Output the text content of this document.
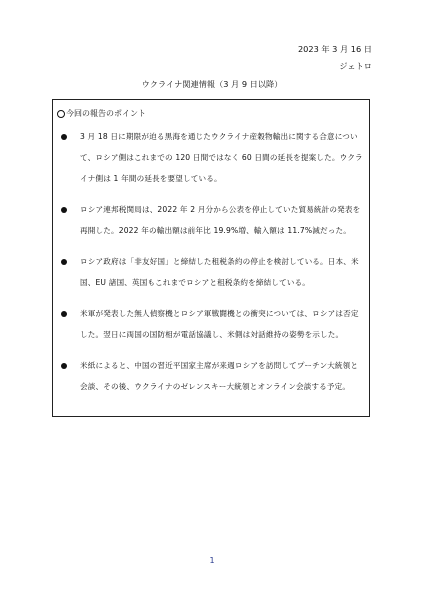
2023 年 3 月 16 日
ジェトロ
ウクライナ関連情報（3 月 9 日以降）
今回の報告のポイント
3 月 18 日に期限が迫る黒海を通じたウクライナ産穀物輸出に関する合意について、ロシア側はこれまでの 120 日間ではなく 60 日間の延長を提案した。ウクライナ側は 1 年間の延長を要望している。
ロシア連邦税関局は、2022 年 2 月分から公表を停止していた貿易統計の発表を再開した。2022 年の輸出額は前年比 19.9%増、輸入額は 11.7%減だった。
ロシア政府は「非友好国」と締結した租税条約の停止を検討している。日本、米国、EU 諸国、英国もこれまでロシアと租税条約を締結している。
米軍が発表した無人偵察機とロシア軍戦闘機との衝突については、ロシアは否定した。翌日に両国の国防相が電話協議し、米側は対話維持の姿勢を示した。
米紙によると、中国の習近平国家主席が来週ロシアを訪問してプーチン大統領と会談、その後、ウクライナのゼレンスキー大統領とオンライン会談する予定。
1
